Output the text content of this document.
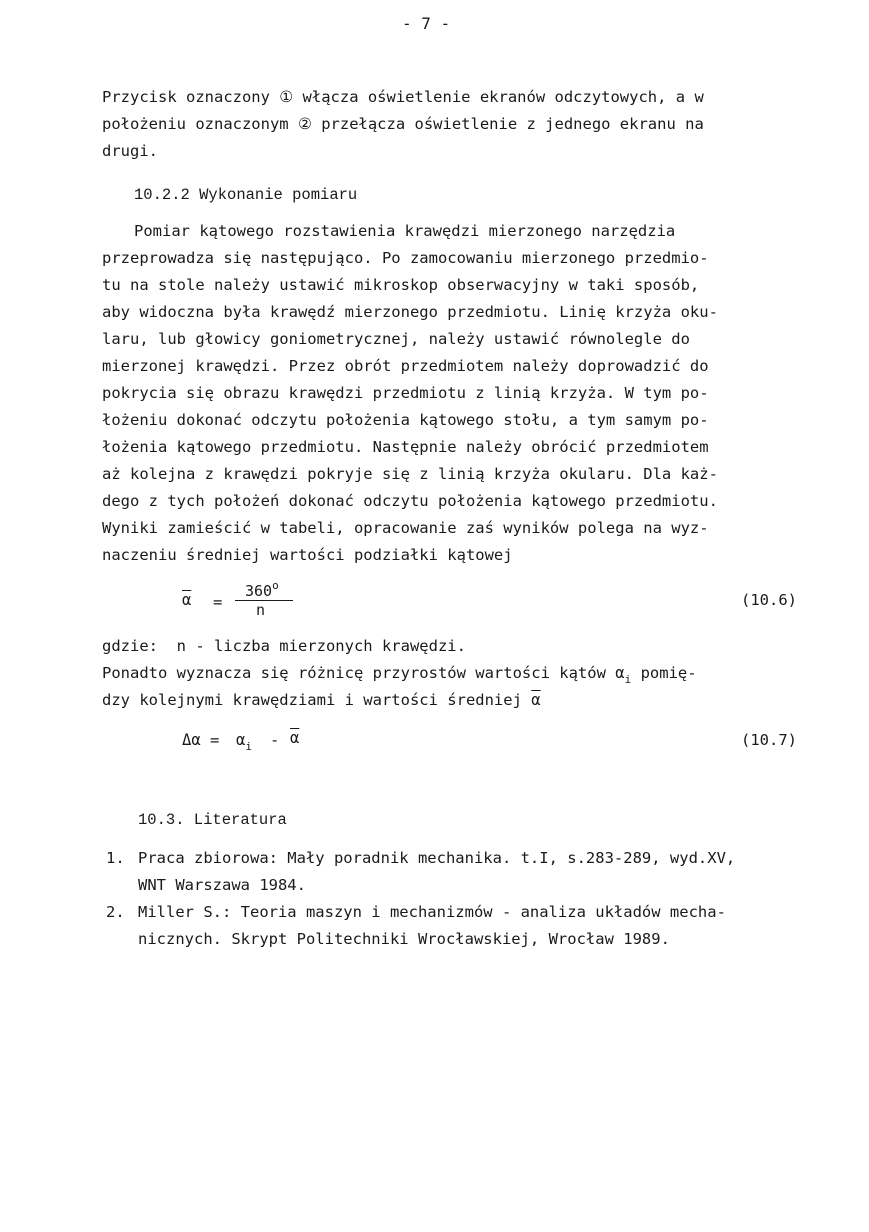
- 7 -
Przycisk oznaczony ① włącza oświetlenie ekranów odczytowych, a w
położeniu oznaczonym ② przełącza oświetlenie z jednego ekranu na
drugi.
10.2.2 Wykonanie pomiaru
Pomiar kątowego rozstawienia krawędzi mierzonego narzędzia
przeprowadza się następująco. Po zamocowaniu mierzonego przedmio-
tu na stole należy ustawić mikroskop obserwacyjny w taki sposób,
aby widoczna była krawędź mierzonego przedmiotu. Linię krzyża oku-
laru, lub głowicy goniometrycznej, należy ustawić równolegle do
mierzonej krawędzi. Przez obrót przedmiotem należy doprowadzić do
pokrycia się obrazu krawędzi przedmiotu z linią krzyża. W tym po-
łożeniu dokonać odczytu położenia kątowego stołu, a tym samym po-
łożenia kątowego przedmiotu. Następnie należy obrócić przedmiotem
aż kolejna z krawędzi pokryje się z linią krzyża okularu. Dla każ-
dego z tych położeń dokonać odczytu położenia kątowego przedmiotu.
Wyniki zamieścić w tabeli, opracowanie zaś wyników polega na wyz-
naczeniu średniej wartości podziałki kątowej
$\overline{\alpha}$ =
$360^o$
n
(10.6)
gdzie:  n - liczba mierzonych krawędzi.
Ponadto wyznacza się różnicę przyrostów wartości kątów $\alpha_i$ pomię-
dzy kolejnymi krawędziami i wartości średniej $\overline{\alpha}$
$\Delta\alpha = \alpha_i - \overline{\alpha}$	(10.7)
10.3. Literatura
1. Praca zbiorowa: Mały poradnik mechanika. t.I, s.283-289, wyd.XV,
WNT Warszawa 1984.
2. Miller S.: Teoria maszyn i mechanizmów - analiza układów mecha-
nicznych. Skrypt Politechniki Wrocławskiej, Wrocław 1989.
